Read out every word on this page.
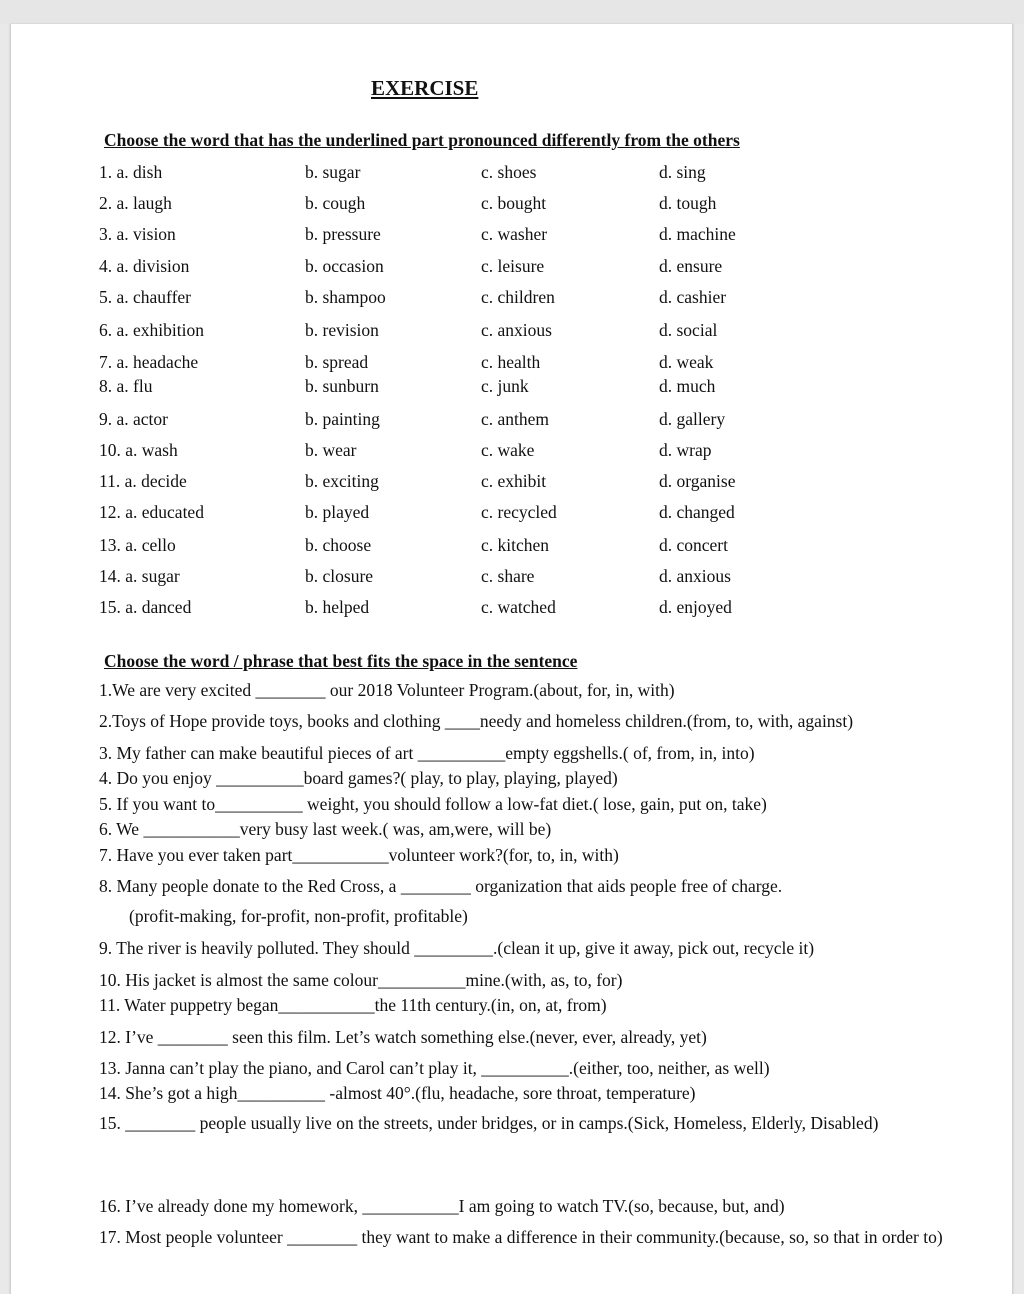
EXERCISE
Choose the word that has the underlined part pronounced differently from the others
1. a. dish	b. sugar	c. shoes	d. sing
2. a. laugh	b. cough	c. bought	d. tough
3. a. vision	b. pressure	c. washer	d. machine
4. a. division	b. occasion	c. leisure	d. ensure
5. a. chauffer	b. shampoo	c. children	d. cashier
6. a. exhibition	b. revision	c. anxious	d. social
7. a. headache	b. spread	c. health	d. weak
8. a. flu	b. sunburn	c. junk	d. much
9. a. actor	b. painting	c. anthem	d. gallery
10. a. wash	b. wear	c. wake	d. wrap
11. a. decide	b. exciting	c. exhibit	d. organise
12. a. educated	b. played	c. recycled	d. changed
13. a. cello	b. choose	c. kitchen	d. concert
14. a. sugar	b. closure	c. share	d. anxious
15. a. danced	b. helped	c. watched	d. enjoyed
Choose the word / phrase that best fits the space in the sentence
1.We are very excited ________ our 2018 Volunteer Program.(about, for, in, with)
2.Toys of Hope provide toys, books and clothing ____needy and homeless children.(from, to, with, against)
3. My father can make beautiful pieces of art __________empty eggshells.( of, from, in, into)
4. Do you enjoy __________board games?( play, to play, playing, played)
5. If you want to__________ weight, you should follow a low-fat diet.( lose, gain, put on, take)
6. We ___________very busy last week.( was, am,were, will be)
7. Have you ever taken part___________volunteer work?(for, to, in, with)
8. Many people donate to the Red Cross, a ________ organization that aids people free of charge.
(profit-making, for-profit, non-profit, profitable)
9. The river is heavily polluted. They should _________.(clean it up, give it away, pick out, recycle it)
10. His jacket is almost the same colour__________mine.(with, as, to, for)
11. Water puppetry began___________the 11th century.(in, on, at, from)
12. I’ve ________ seen this film. Let’s watch something else.(never, ever, already, yet)
13. Janna can’t play the piano, and Carol can’t play it, __________.(either, too, neither, as well)
14. She’s got a high__________ -almost 40°.(flu, headache, sore throat, temperature)
15. ________ people usually live on the streets, under bridges, or in camps.(Sick, Homeless, Elderly, Disabled)
16. I’ve already done my homework, ___________I am going to watch TV.(so, because, but, and)
17. Most people volunteer ________ they want to make a difference in their community.(because, so, so that in order to)
